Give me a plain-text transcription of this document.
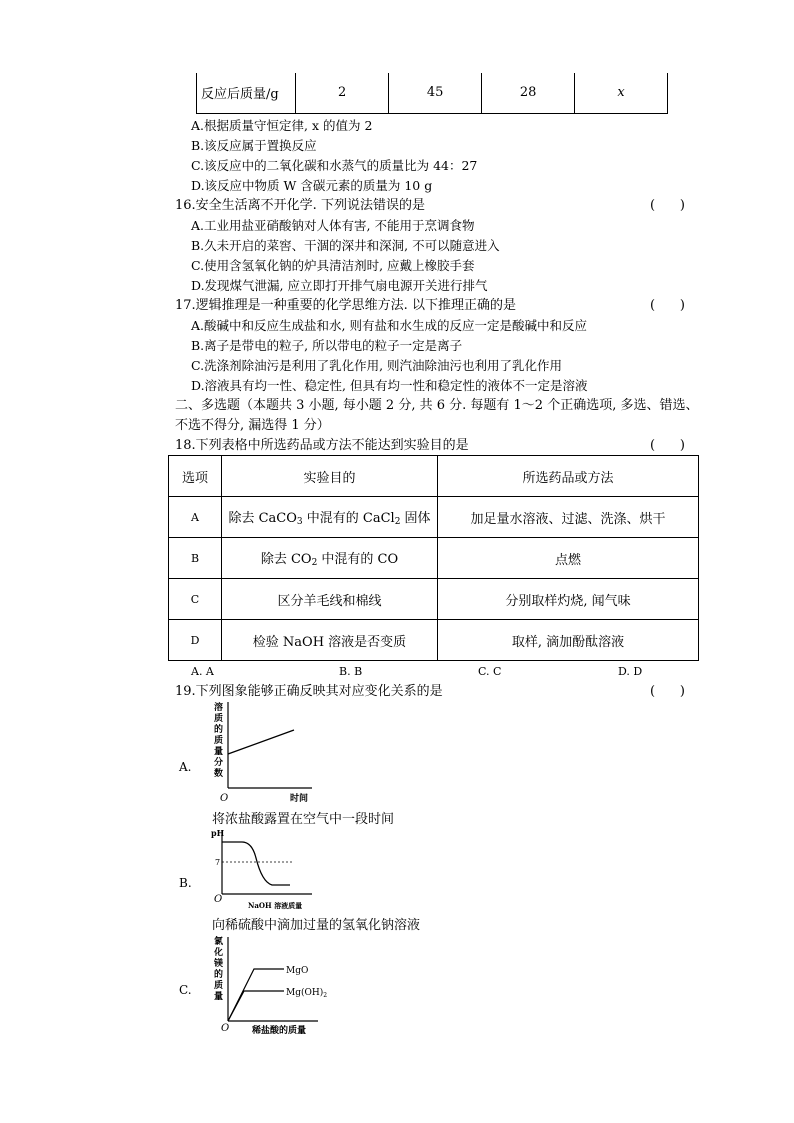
反应后质量/g	2	45	28	x
A.根据质量守恒定律, x 的值为 2
B.该反应属于置换反应
C.该反应中的二氧化碳和水蒸气的质量比为 44：27
D.该反应中物质 W 含碳元素的质量为 10 g
16.安全生活离不开化学. 下列说法错误的是	(      )
A.工业用盐亚硝酸钠对人体有害, 不能用于烹调食物
B.久未开启的菜窖、干涸的深井和深洞, 不可以随意进入
C.使用含氢氧化钠的炉具清洁剂时, 应戴上橡胶手套
D.发现煤气泄漏, 应立即打开排气扇电源开关进行排气
17.逻辑推理是一种重要的化学思维方法. 以下推理正确的是	(      )
A.酸碱中和反应生成盐和水, 则有盐和水生成的反应一定是酸碱中和反应
B.离子是带电的粒子, 所以带电的粒子一定是离子
C.洗涤剂除油污是利用了乳化作用, 则汽油除油污也利用了乳化作用
D.溶液具有均一性、稳定性, 但具有均一性和稳定性的液体不一定是溶液
二、多选题（本题共 3 小题, 每小题 2 分, 共 6 分. 每题有 1～2 个正确选项, 多选、错选、
不选不得分, 漏选得 1 分）
18.下列表格中所选药品或方法不能达到实验目的是	(      )
选项	实验目的	所选药品或方法
A	除去 CaCO$_3$ 中混有的 CaCl$_2$ 固体	加足量水溶液、过滤、洗涤、烘干
B	除去 $CO_2$ 中混有的 CO	点燃
C	区分羊毛线和棉线	分别取样灼烧, 闻气味
D	检验 NaOH 溶液是否变质	取样, 滴加酚酞溶液
A. A	B. B	C. C	D. D
19.下列图象能够正确反映其对应变化关系的是	(      )
A.
溶
质
的
质
量
分
数
O	时间
将浓盐酸露置在空气中一段时间
B.
pH
7
O
NaOH 溶液质量
向稀硫酸中滴加过量的氢氧化钠溶液
C.
氯
化
镁
的
质
量
MgO
$Mg(OH)_2$
O	稀盐酸的质量
